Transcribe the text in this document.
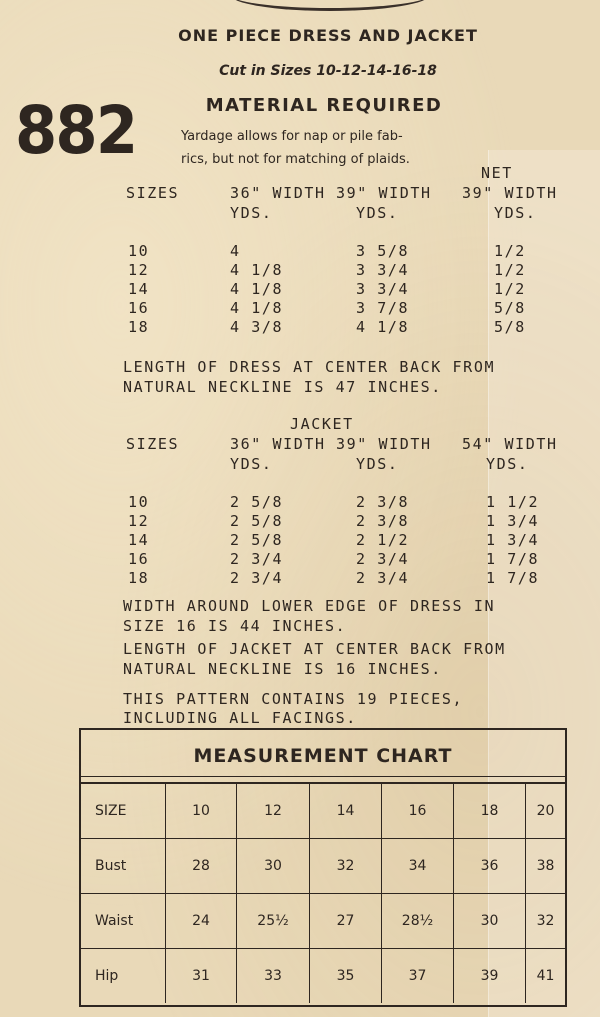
ONE PIECE DRESS AND JACKET
Cut in Sizes 10-12-14-16-18
882	MATERIAL REQUIRED
Yardage allows for nap or pile fab-
rics, but not for matching of plaids.
NET
SIZES	36" WIDTH 39" WIDTH 39" WIDTH
YDS.	YDS.	YDS.
10	4	3 5/8	1/2
12	4 1/8	3 3/4	1/2
14	4 1/8	3 3/4	1/2
16	4 1/8	3 7/8	5/8
18	4 3/8	4 1/8	5/8
LENGTH OF DRESS AT CENTER BACK FROM
NATURAL NECKLINE IS 47 INCHES.
JACKET
SIZES	36" WIDTH 39" WIDTH 54" WIDTH
YDS.	YDS.	YDS.
10	2 5/8	2 3/8	1 1/2
12	2 5/8	2 3/8	1 3/4
14	2 5/8	2 1/2	1 3/4
16	2 3/4	2 3/4	1 7/8
18	2 3/4	2 3/4	1 7/8
WIDTH AROUND LOWER EDGE OF DRESS IN
SIZE 16 IS 44 INCHES.
LENGTH OF JACKET AT CENTER BACK FROM
NATURAL NECKLINE IS 16 INCHES.
THIS PATTERN CONTAINS 19 PIECES,
INCLUDING ALL FACINGS.
MEASUREMENT CHART
SIZE	10	12	14	16	18	20
Bust	28	30	32	34	36	38
Waist	24	25½	27	28½	30	32
Hip	31	33	35	37	39	41
